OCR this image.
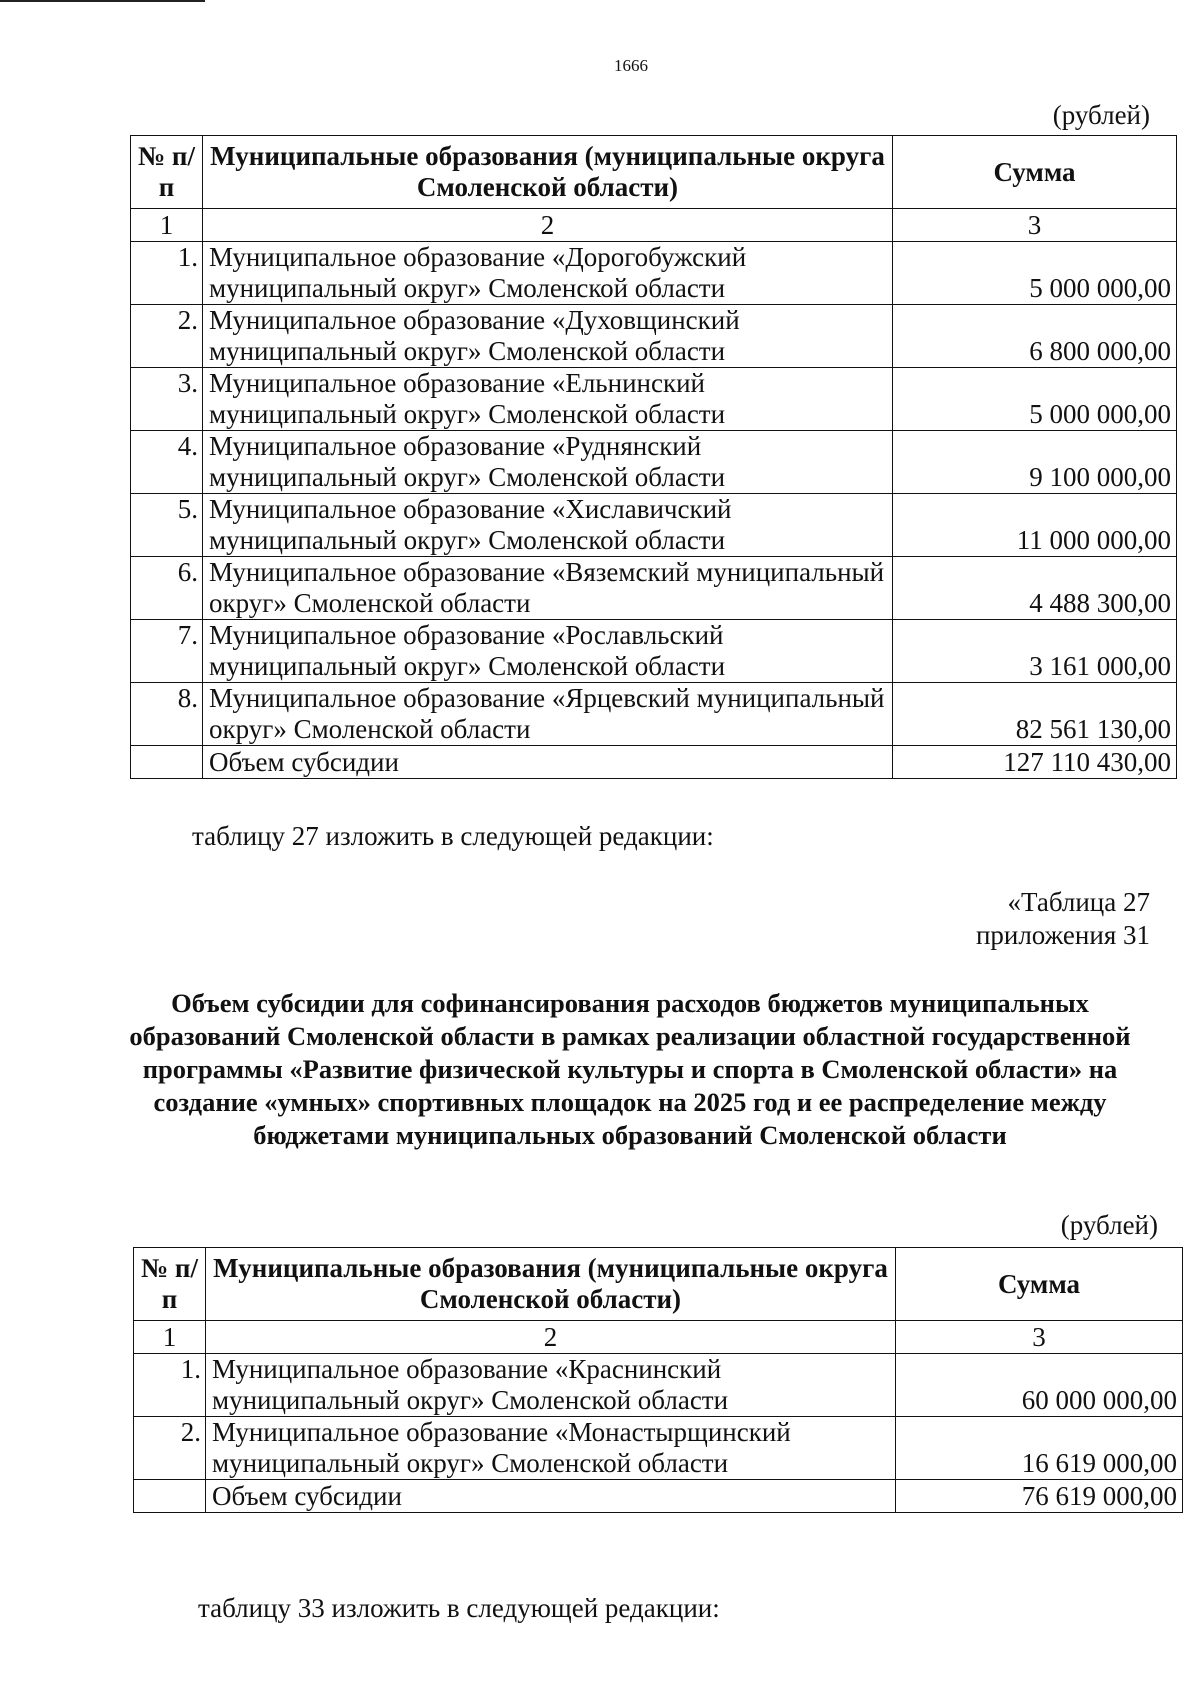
1666
(рублей)
№ п/п	Муниципальные образования (муниципальные округа Смоленской области)	Сумма
1	2	3
1.	Муниципальное образование «Дорогобужский муниципальный округ» Смоленской области	5 000 000,00
2.	Муниципальное образование «Духовщинский муниципальный округ» Смоленской области	6 800 000,00
3.	Муниципальное образование «Ельнинский муниципальный округ» Смоленской области	5 000 000,00
4.	Муниципальное образование «Руднянский муниципальный округ» Смоленской области	9 100 000,00
5.	Муниципальное образование «Хиславичский муниципальный округ» Смоленской области	11 000 000,00
6.	Муниципальное образование «Вяземский муниципальный округ» Смоленской области	4 488 300,00
7.	Муниципальное образование «Рославльский муниципальный округ» Смоленской области	3 161 000,00
8.	Муниципальное образование «Ярцевский муниципальный округ» Смоленской области	82 561 130,00
	Объем субсидии	127 110 430,00
таблицу 27 изложить в следующей редакции:
«Таблица 27
приложения 31
Объем субсидии для софинансирования расходов бюджетов муниципальных образований Смоленской области в рамках реализации областной государственной программы «Развитие физической культуры и спорта в Смоленской области» на создание «умных» спортивных площадок на 2025 год и ее распределение между бюджетами муниципальных образований Смоленской области
(рублей)
№ п/п	Муниципальные образования (муниципальные округа Смоленской области)	Сумма
1	2	3
1.	Муниципальное образование «Краснинский муниципальный округ» Смоленской области	60 000 000,00
2.	Муниципальное образование «Монастырщинский муниципальный округ» Смоленской области	16 619 000,00
	Объем субсидии	76 619 000,00
таблицу 33 изложить в следующей редакции:
